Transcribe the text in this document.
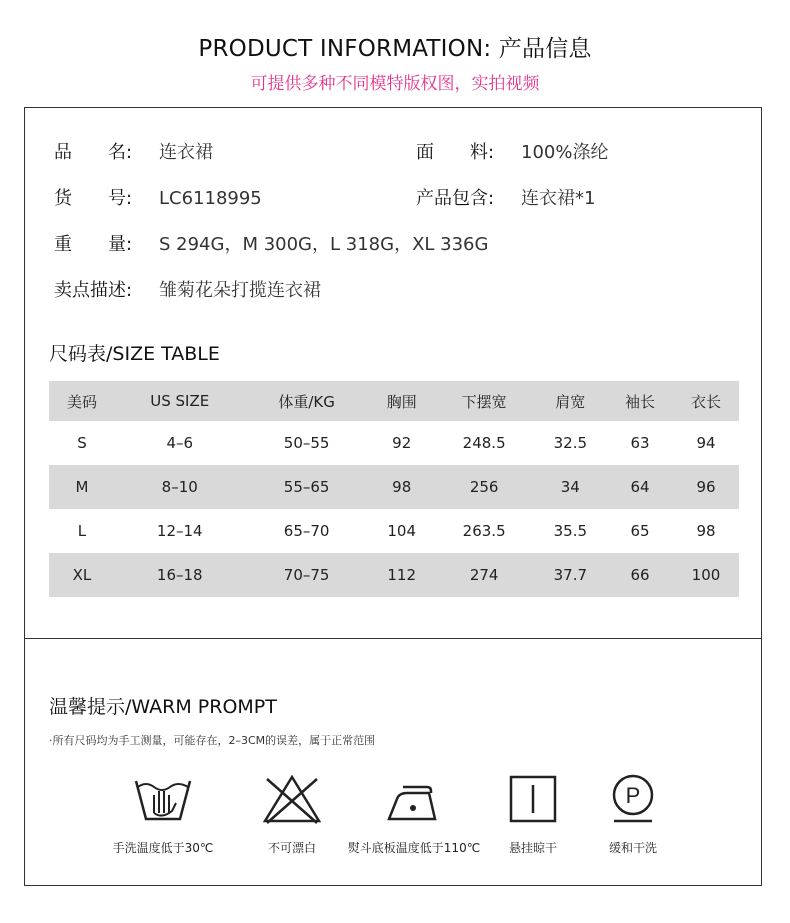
PRODUCT INFORMATION: 产品信息
可提供多种不同模特版权图，实拍视频
品　　名: 连衣裙	面　　料: 100%涤纶
货　　号: LC6118995	产品包含: 连衣裙*1
重　　量: S 294G，M 300G，L 318G，XL 336G
卖点描述: 雏菊花朵打揽连衣裙
尺码表/SIZE TABLE
美码	US SIZE	体重/KG	胸围	下摆宽	肩宽	袖长	衣长
S	4–6	50–55	92	248.5	32.5	63	94
M	8–10	55–65	98	256	34	64	96
L	12–14	65–70	104	263.5	35.5	65	98
XL	16–18	70–75	112	274	37.7	66	100
温馨提示/WARM PROMPT
·所有尺码均为手工测量，可能存在，2–3CM的误差，属于正常范围
手洗温度低于30℃	不可漂白	熨斗底板温度低于110℃	悬挂晾干
P
缓和干洗
